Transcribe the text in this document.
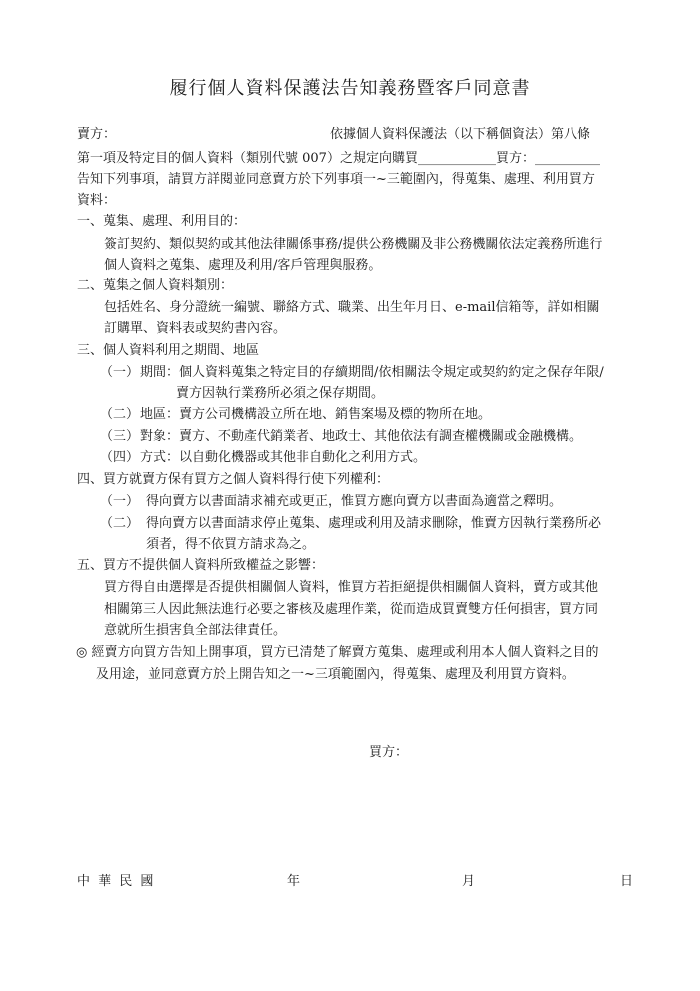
履行個人資料保護法告知義務暨客戶同意書
賣方：	依據個人資料保護法（以下稱個資法）第八條
第一項及特定目的個人資料（類別代號 007）之規定向購買____________買方：__________
告知下列事項，請買方詳閱並同意賣方於下列事項一~三範圍內，得蒐集、處理、利用買方
資料：
一、蒐集、處理、利用目的：
簽訂契約、類似契約或其他法律關係事務/提供公務機關及非公務機關依法定義務所進行
個人資料之蒐集、處理及利用/客戶管理與服務。
二、蒐集之個人資料類別：
包括姓名、身分證統一編號、聯絡方式、職業、出生年月日、e-mail信箱等，詳如相關
訂購單、資料表或契約書內容。
三、個人資料利用之期間、地區
（一） 期間：個人資料蒐集之特定目的存續期間/依相關法令規定或契約約定之保存年限/
賣方因執行業務所必須之保存期間。
（二） 地區：賣方公司機構設立所在地、銷售案場及標的物所在地。
（三） 對象：賣方、不動產代銷業者、地政士、其他依法有調查權機關或金融機構。
（四） 方式：以自動化機器或其他非自動化之利用方式。
四、買方就賣方保有買方之個人資料得行使下列權利：
（一） 得向賣方以書面請求補充或更正，惟買方應向賣方以書面為適當之釋明。
（二） 得向賣方以書面請求停止蒐集、處理或利用及請求刪除，惟賣方因執行業務所必
須者，得不依買方請求為之。
五、買方不提供個人資料所致權益之影響：
買方得自由選擇是否提供相關個人資料，惟買方若拒絕提供相關個人資料，賣方或其他
相關第三人因此無法進行必要之審核及處理作業，從而造成買賣雙方任何損害，買方同
意就所生損害負全部法律責任。
◎ 經賣方向買方告知上開事項，買方已清楚了解賣方蒐集、處理或利用本人個人資料之目的
及用途，並同意賣方於上開告知之一~三項範圍內，得蒐集、處理及利用買方資料。
買方：
中 華 民 國	年	月	日
